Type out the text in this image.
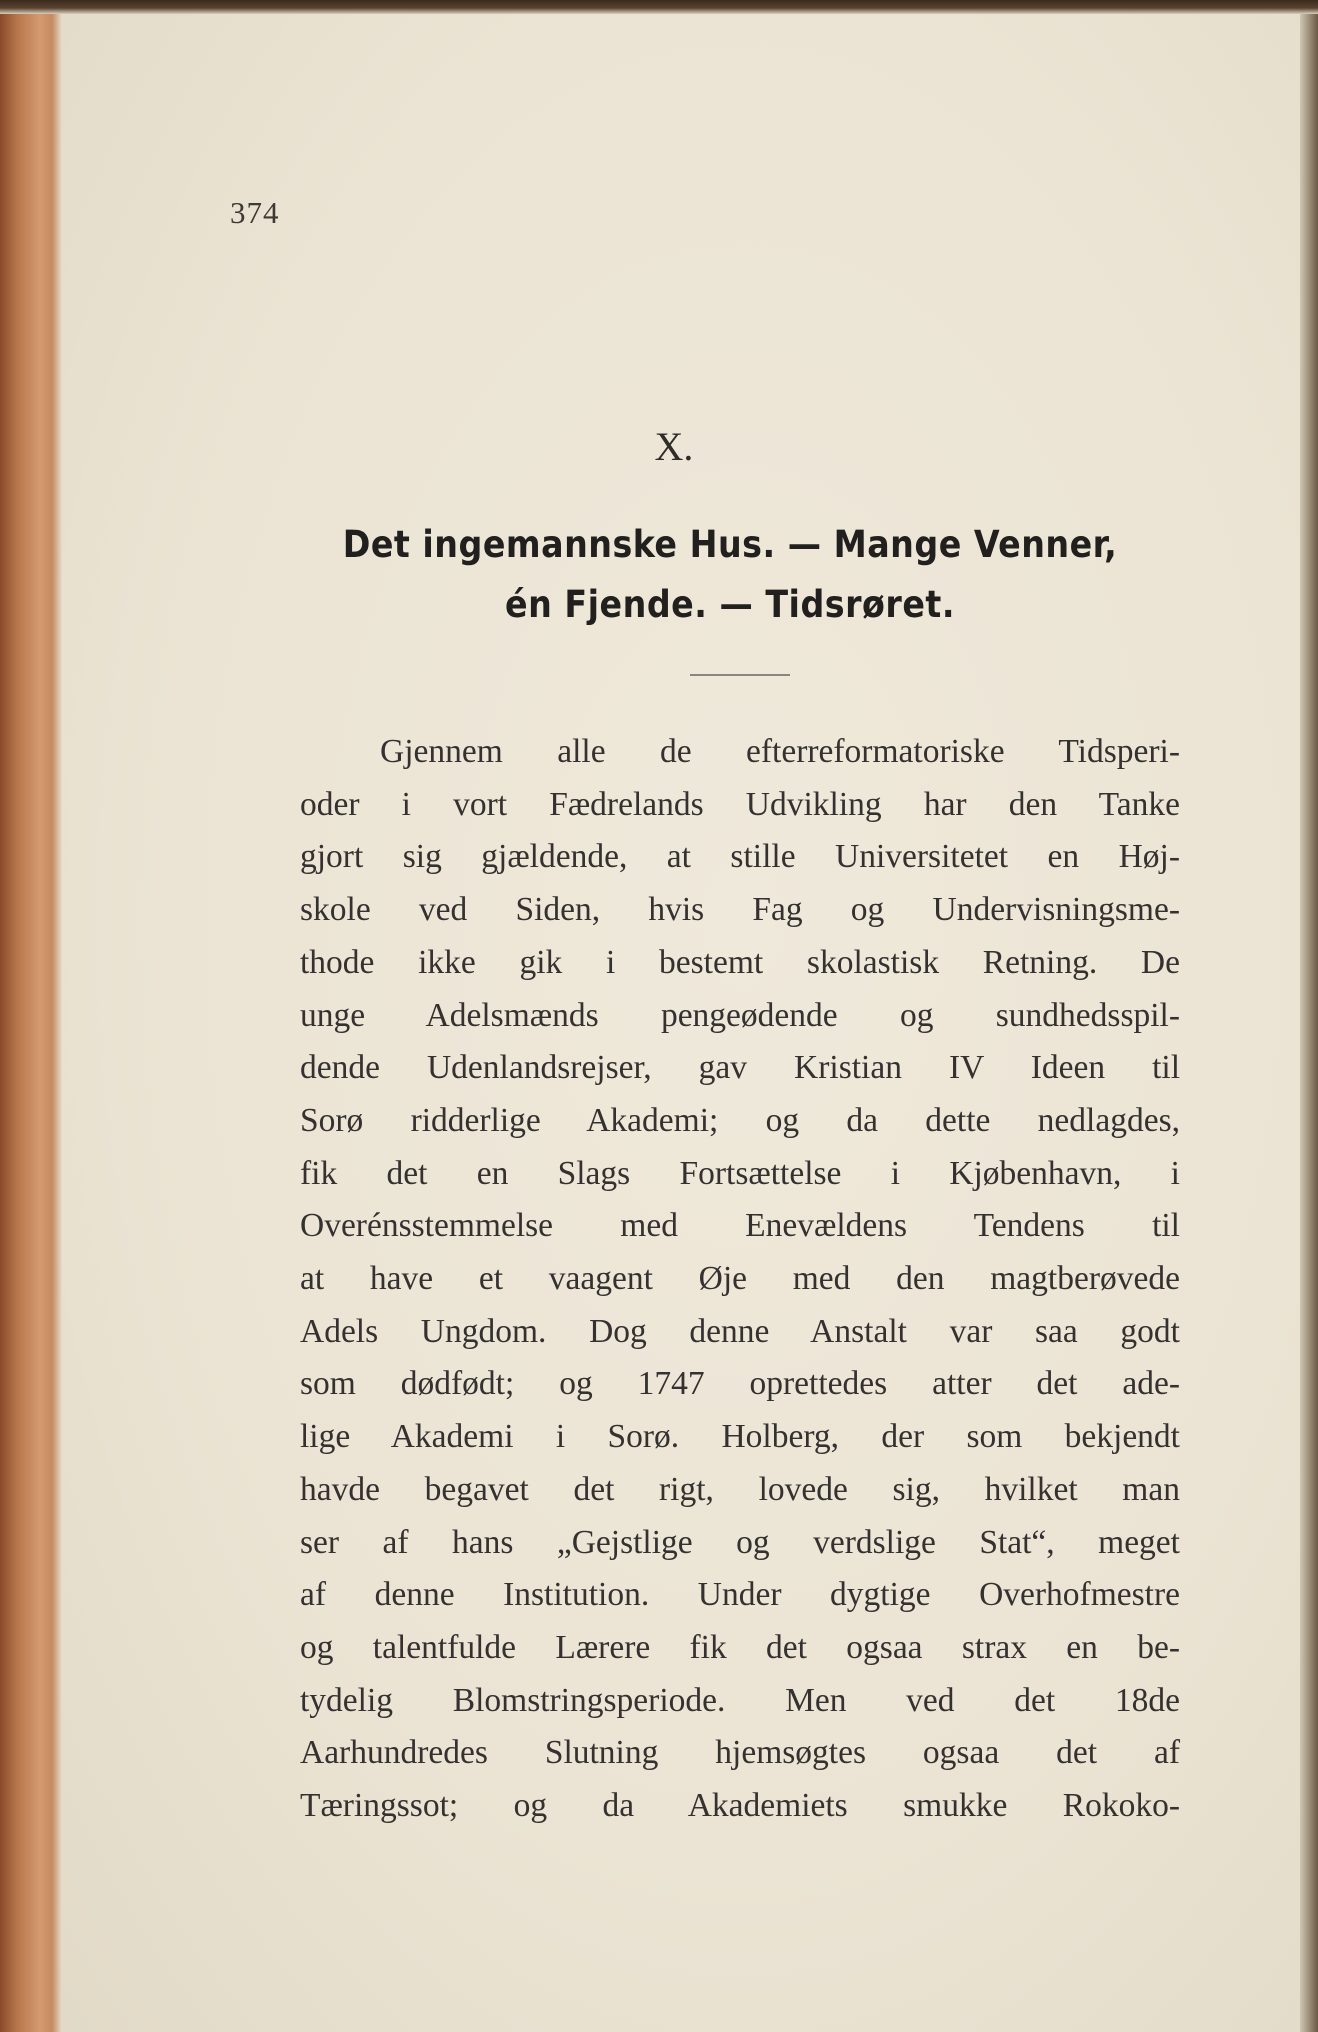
374
X.
Det ingemannske Hus. — Mange Venner,
én Fjende. — Tidsrøret.
Gjennem alle de efterreformatoriske Tidsperi-
oder i vort Fædrelands Udvikling har den Tanke
gjort sig gjældende, at stille Universitetet en Høj-
skole ved Siden, hvis Fag og Undervisningsme-
thode ikke gik i bestemt skolastisk Retning. De
unge Adelsmænds pengeødende og sundhedsspil-
dende Udenlandsrejser, gav Kristian IV Ideen til
Sorø ridderlige Akademi; og da dette nedlagdes,
fik det en Slags Fortsættelse i Kjøbenhavn, i
Overénsstemmelse med Enevældens Tendens til
at have et vaagent Øje med den magtberøvede
Adels Ungdom. Dog denne Anstalt var saa godt
som dødfødt; og 1747 oprettedes atter det ade-
lige Akademi i Sorø. Holberg, der som bekjendt
havde begavet det rigt, lovede sig, hvilket man
ser af hans „Gejstlige og verdslige Stat“, meget
af denne Institution. Under dygtige Overhofmestre
og talentfulde Lærere fik det ogsaa strax en be-
tydelig Blomstringsperiode. Men ved det 18de
Aarhundredes Slutning hjemsøgtes ogsaa det af
Tæringssot; og da Akademiets smukke Rokoko-
